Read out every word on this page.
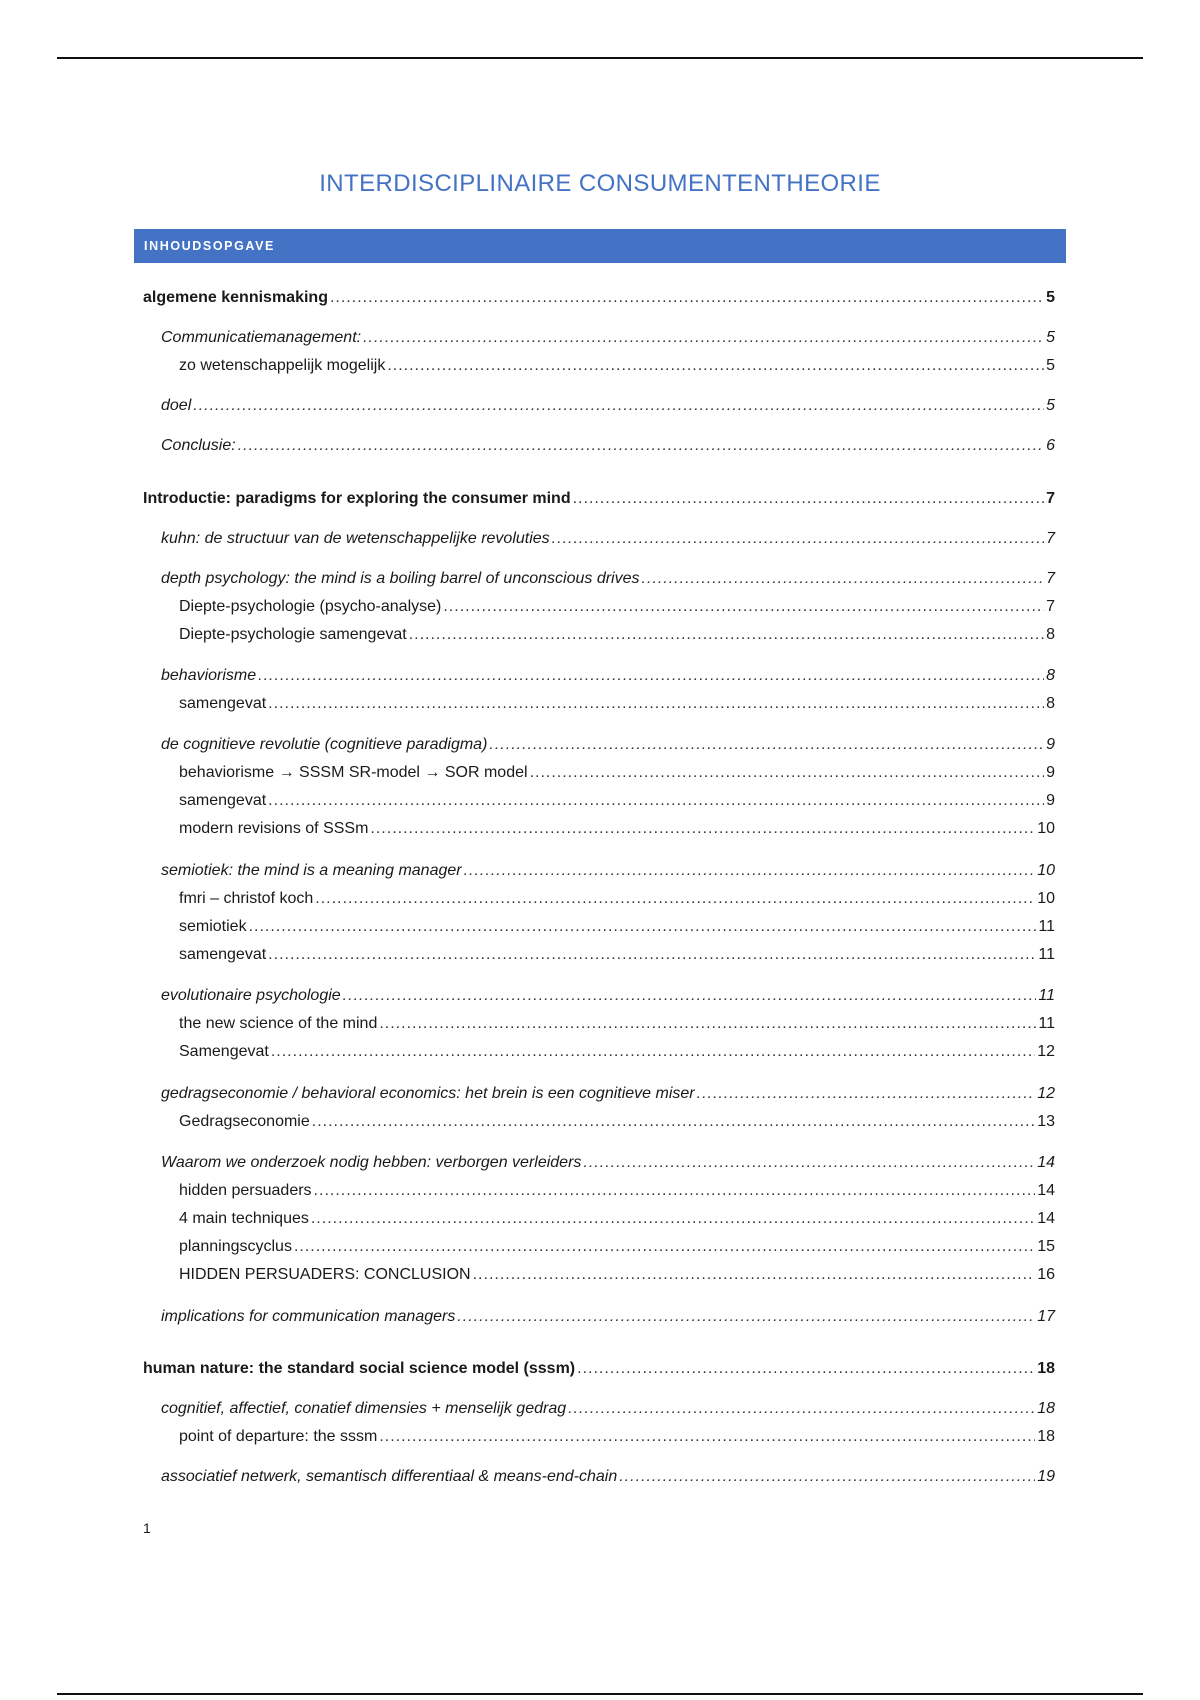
INTERDISCIPLINAIRE CONSUMENTENTHEORIE
INHOUDSOPGAVE
algemene kennismaking .....	5
Communicatiemanagement: .....	5
zo wetenschappelijk mogelijk .....	5
doel .....	5
Conclusie: .....	6
Introductie: paradigms for exploring the consumer mind .....	7
kuhn: de structuur van de wetenschappelijke revoluties .....	7
depth psychology: the mind is a boiling barrel of unconscious drives .....	7
Diepte-psychologie (psycho-analyse) .....	7
Diepte-psychologie samengevat .....	8
behaviorisme .....	8
samengevat .....	8
de cognitieve revolutie (cognitieve paradigma) .....	9
behaviorisme → SSSM SR-model → SOR model .....	9
samengevat .....	9
modern revisions of SSSm .....	10
semiotiek: the mind is a meaning manager .....	10
fmri – christof koch .....	10
semiotiek .....	11
samengevat .....	11
evolutionaire psychologie .....	11
the new science of the mind .....	11
Samengevat .....	12
gedragseconomie / behavioral economics: het brein is een cognitieve miser .....	12
Gedragseconomie .....	13
Waarom we onderzoek nodig hebben: verborgen verleiders .....	14
hidden persuaders .....	14
4 main techniques .....	14
planningscyclus .....	15
HIDDEN PERSUADERS: CONCLUSION .....	16
implications for communication managers .....	17
human nature: the standard social science model (sssm) .....	18
cognitief, affectief, conatief dimensies + menselijk gedrag .....	18
point of departure: the sssm .....	18
associatief netwerk, semantisch differentiaal & means-end-chain .....	19
1
